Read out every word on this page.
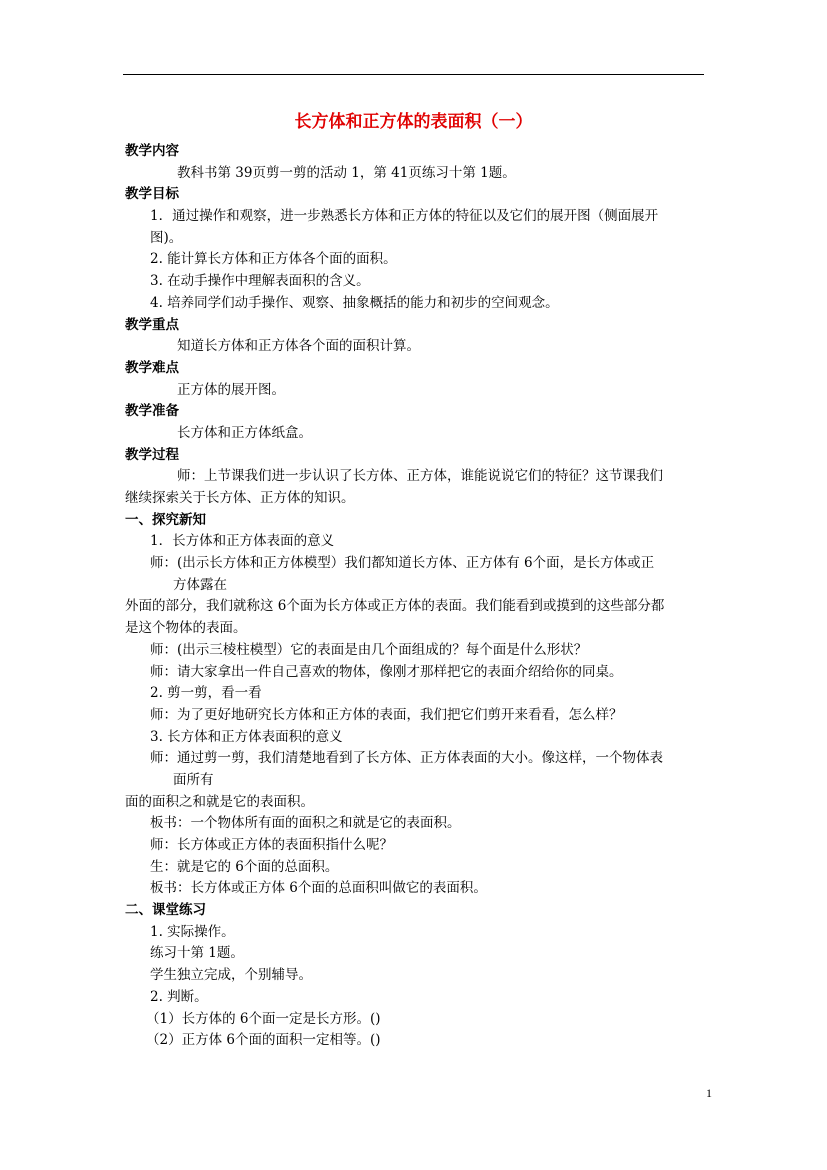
长方体和正方体的表面积（一）
教学内容
教科书第 39页剪一剪的活动 1，第 41页练习十第 1题。
教学目标
1．通过操作和观察，进一步熟悉长方体和正方体的特征以及它们的展开图（侧面展开
图)。
2. 能计算长方体和正方体各个面的面积。
3. 在动手操作中理解表面积的含义。
4. 培养同学们动手操作、观察、抽象概括的能力和初步的空间观念。
教学重点
知道长方体和正方体各个面的面积计算。
教学难点
正方体的展开图。
教学准备
长方体和正方体纸盒。
教学过程
师：上节课我们进一步认识了长方体、正方体，谁能说说它们的特征？这节课我们
继续探索关于长方体、正方体的知识。
一、探究新知
1．长方体和正方体表面的意义
师：(出示长方体和正方体模型）我们都知道长方体、正方体有 6个面，是长方体或正
方体露在
外面的部分，我们就称这 6个面为长方体或正方体的表面。我们能看到或摸到的这些部分都
是这个物体的表面。
师：(出示三棱柱模型）它的表面是由几个面组成的？每个面是什么形状？
师：请大家拿出一件自己喜欢的物体，像刚才那样把它的表面介绍给你的同桌。
2. 剪一剪，看一看
师：为了更好地研究长方体和正方体的表面，我们把它们剪开来看看，怎么样？
3. 长方体和正方体表面积的意义
师：通过剪一剪，我们清楚地看到了长方体、正方体表面的大小。像这样，一个物体表
面所有
面的面积之和就是它的表面积。
板书：一个物体所有面的面积之和就是它的表面积。
师：长方体或正方体的表面积指什么呢？
生：就是它的 6个面的总面积。
板书：长方体或正方体 6个面的总面积叫做它的表面积。
二、课堂练习
1. 实际操作。
练习十第 1题。
学生独立完成，个别辅导。
2. 判断。
（1）长方体的 6个面一定是长方形。()
（2）正方体 6个面的面积一定相等。()
1
